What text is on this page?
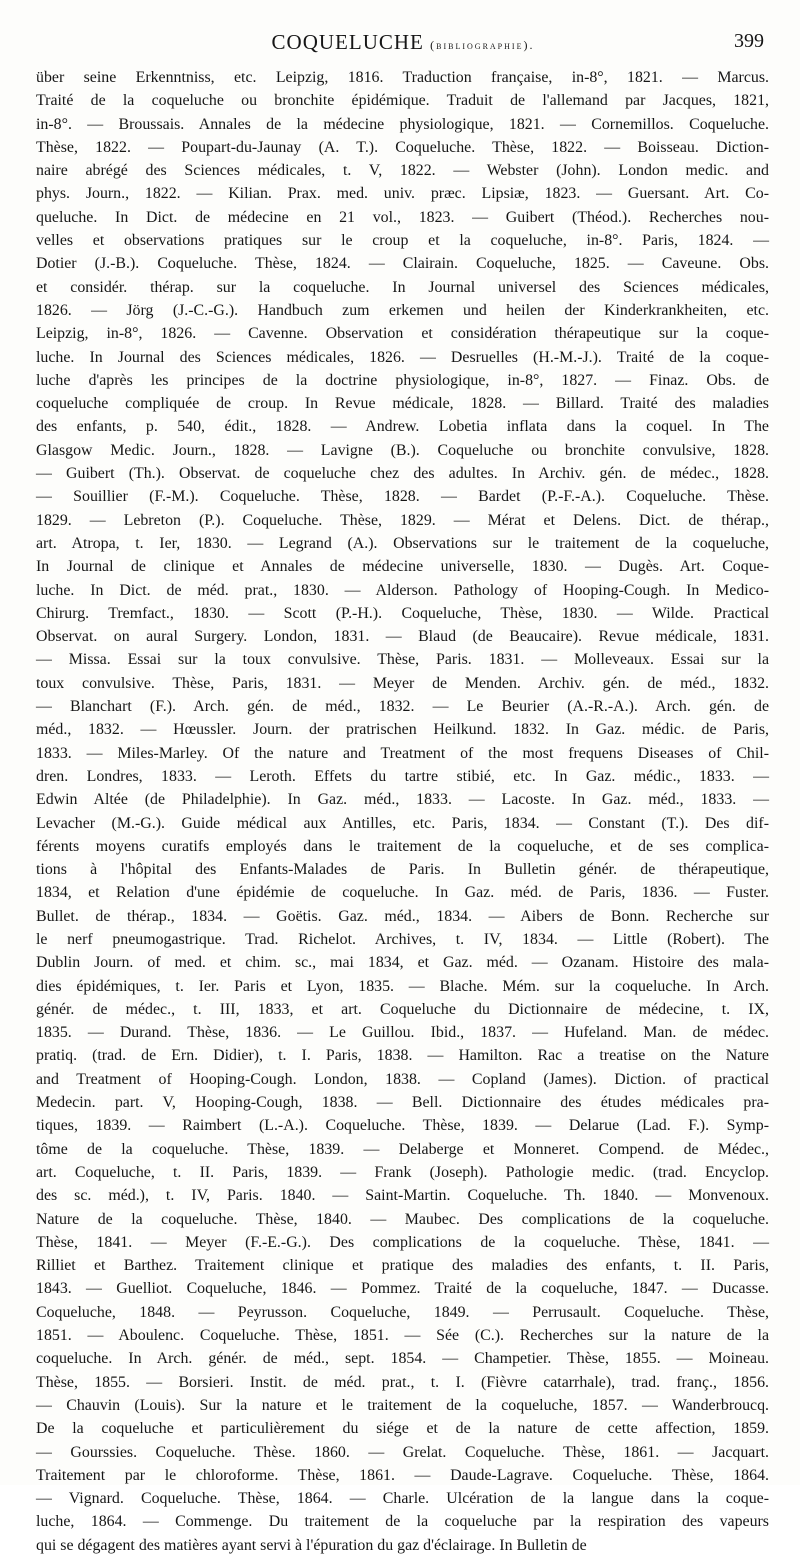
COQUELUCHE (bibliographie).	399
über seine Erkenntniss, etc. Leipzig, 1816. Traduction française, in-8°, 1821. — Marcus.
Traité de la coqueluche ou bronchite épidémique. Traduit de l'allemand par Jacques, 1821,
in-8°. — Broussais. Annales de la médecine physiologique, 1821. — Cornemillos. Coqueluche.
Thèse, 1822. — Poupart-du-Jaunay (A. T.). Coqueluche. Thèse, 1822. — Boisseau. Diction-
naire abrégé des Sciences médicales, t. V, 1822. — Webster (John). London medic. and
phys. Journ., 1822. — Kilian. Prax. med. univ. præc. Lipsiæ, 1823. — Guersant. Art. Co-
queluche. In Dict. de médecine en 21 vol., 1823. — Guibert (Théod.). Recherches nou-
velles et observations pratiques sur le croup et la coqueluche, in-8°. Paris, 1824. —
Dotier (J.-B.). Coqueluche. Thèse, 1824. — Clairain. Coqueluche, 1825. — Caveune. Obs.
et considér. thérap. sur la coqueluche. In Journal universel des Sciences médicales,
1826. — Jörg (J.-C.-G.). Handbuch zum erkemen und heilen der Kinderkrankheiten, etc.
Leipzig, in-8°, 1826. — Cavenne. Observation et considération thérapeutique sur la coque-
luche. In Journal des Sciences médicales, 1826. — Desruelles (H.-M.-J.). Traité de la coque-
luche d'après les principes de la doctrine physiologique, in-8°, 1827. — Finaz. Obs. de
coqueluche compliquée de croup. In Revue médicale, 1828. — Billard. Traité des maladies
des enfants, p. 540, édit., 1828. — Andrew. Lobetia inflata dans la coquel. In The
Glasgow Medic. Journ., 1828. — Lavigne (B.). Coqueluche ou bronchite convulsive, 1828.
— Guibert (Th.). Observat. de coqueluche chez des adultes. In Archiv. gén. de médec., 1828.
— Souillier (F.-M.). Coqueluche. Thèse, 1828. — Bardet (P.-F.-A.). Coqueluche. Thèse.
1829. — Lebreton (P.). Coqueluche. Thèse, 1829. — Mérat et Delens. Dict. de thérap.,
art. Atropa, t. Ier, 1830. — Legrand (A.). Observations sur le traitement de la coqueluche,
In Journal de clinique et Annales de médecine universelle, 1830. — Dugès. Art. Coque-
luche. In Dict. de méd. prat., 1830. — Alderson. Pathology of Hooping-Cough. In Medico-
Chirurg. Tremfact., 1830. — Scott (P.-H.). Coqueluche, Thèse, 1830. — Wilde. Practical
Observat. on aural Surgery. London, 1831. — Blaud (de Beaucaire). Revue médicale, 1831.
— Missa. Essai sur la toux convulsive. Thèse, Paris. 1831. — Molleveaux. Essai sur la
toux convulsive. Thèse, Paris, 1831. — Meyer de Menden. Archiv. gén. de méd., 1832.
— Blanchart (F.). Arch. gén. de méd., 1832. — Le Beurier (A.-R.-A.). Arch. gén. de
méd., 1832. — Hœussler. Journ. der pratrischen Heilkund. 1832. In Gaz. médic. de Paris,
1833. — Miles-Marley. Of the nature and Treatment of the most frequens Diseases of Chil-
dren. Londres, 1833. — Leroth. Effets du tartre stibié, etc. In Gaz. médic., 1833. —
Edwin Altée (de Philadelphie). In Gaz. méd., 1833. — Lacoste. In Gaz. méd., 1833. —
Levacher (M.-G.). Guide médical aux Antilles, etc. Paris, 1834. — Constant (T.). Des dif-
férents moyens curatifs employés dans le traitement de la coqueluche, et de ses complica-
tions à l'hôpital des Enfants-Malades de Paris. In Bulletin génér. de thérapeutique,
1834, et Relation d'une épidémie de coqueluche. In Gaz. méd. de Paris, 1836. — Fuster.
Bullet. de thérap., 1834. — Goëtis. Gaz. méd., 1834. — Aibers de Bonn. Recherche sur
le nerf pneumogastrique. Trad. Richelot. Archives, t. IV, 1834. — Little (Robert). The
Dublin Journ. of med. et chim. sc., mai 1834, et Gaz. méd. — Ozanam. Histoire des mala-
dies épidémiques, t. Ier. Paris et Lyon, 1835. — Blache. Mém. sur la coqueluche. In Arch.
génér. de médec., t. III, 1833, et art. Coqueluche du Dictionnaire de médecine, t. IX,
1835. — Durand. Thèse, 1836. — Le Guillou. Ibid., 1837. — Hufeland. Man. de médec.
pratiq. (trad. de Ern. Didier), t. I. Paris, 1838. — Hamilton. Rac a treatise on the Nature
and Treatment of Hooping-Cough. London, 1838. — Copland (James). Diction. of practical
Medecin. part. V, Hooping-Cough, 1838. — Bell. Dictionnaire des études médicales pra-
tiques, 1839. — Raimbert (L.-A.). Coqueluche. Thèse, 1839. — Delarue (Lad. F.). Symp-
tôme de la coqueluche. Thèse, 1839. — Delaberge et Monneret. Compend. de Médec.,
art. Coqueluche, t. II. Paris, 1839. — Frank (Joseph). Pathologie medic. (trad. Encyclop.
des sc. méd.), t. IV, Paris. 1840. — Saint-Martin. Coqueluche. Th. 1840. — Monvenoux.
Nature de la coqueluche. Thèse, 1840. — Maubec. Des complications de la coqueluche.
Thèse, 1841. — Meyer (F.-E.-G.). Des complications de la coqueluche. Thèse, 1841. —
Rilliet et Barthez. Traitement clinique et pratique des maladies des enfants, t. II. Paris,
1843. — Guelliot. Coqueluche, 1846. — Pommez. Traité de la coqueluche, 1847. — Ducasse.
Coqueluche, 1848. — Peyrusson. Coqueluche, 1849. — Perrusault. Coqueluche. Thèse,
1851. — Aboulenc. Coqueluche. Thèse, 1851. — Sée (C.). Recherches sur la nature de la
coqueluche. In Arch. génér. de méd., sept. 1854. — Champetier. Thèse, 1855. — Moineau.
Thèse, 1855. — Borsieri. Instit. de méd. prat., t. I. (Fièvre catarrhale), trad. franç., 1856.
— Chauvin (Louis). Sur la nature et le traitement de la coqueluche, 1857. — Wanderbroucq.
De la coqueluche et particulièrement du siége et de la nature de cette affection, 1859.
— Gourssies. Coqueluche. Thèse. 1860. — Grelat. Coqueluche. Thèse, 1861. — Jacquart.
Traitement par le chloroforme. Thèse, 1861. — Daude-Lagrave. Coqueluche. Thèse, 1864.
— Vignard. Coqueluche. Thèse, 1864. — Charle. Ulcération de la langue dans la coque-
luche, 1864. — Commenge. Du traitement de la coqueluche par la respiration des vapeurs
qui se dégagent des matières ayant servi à l'épuration du gaz d'éclairage. In Bulletin de
